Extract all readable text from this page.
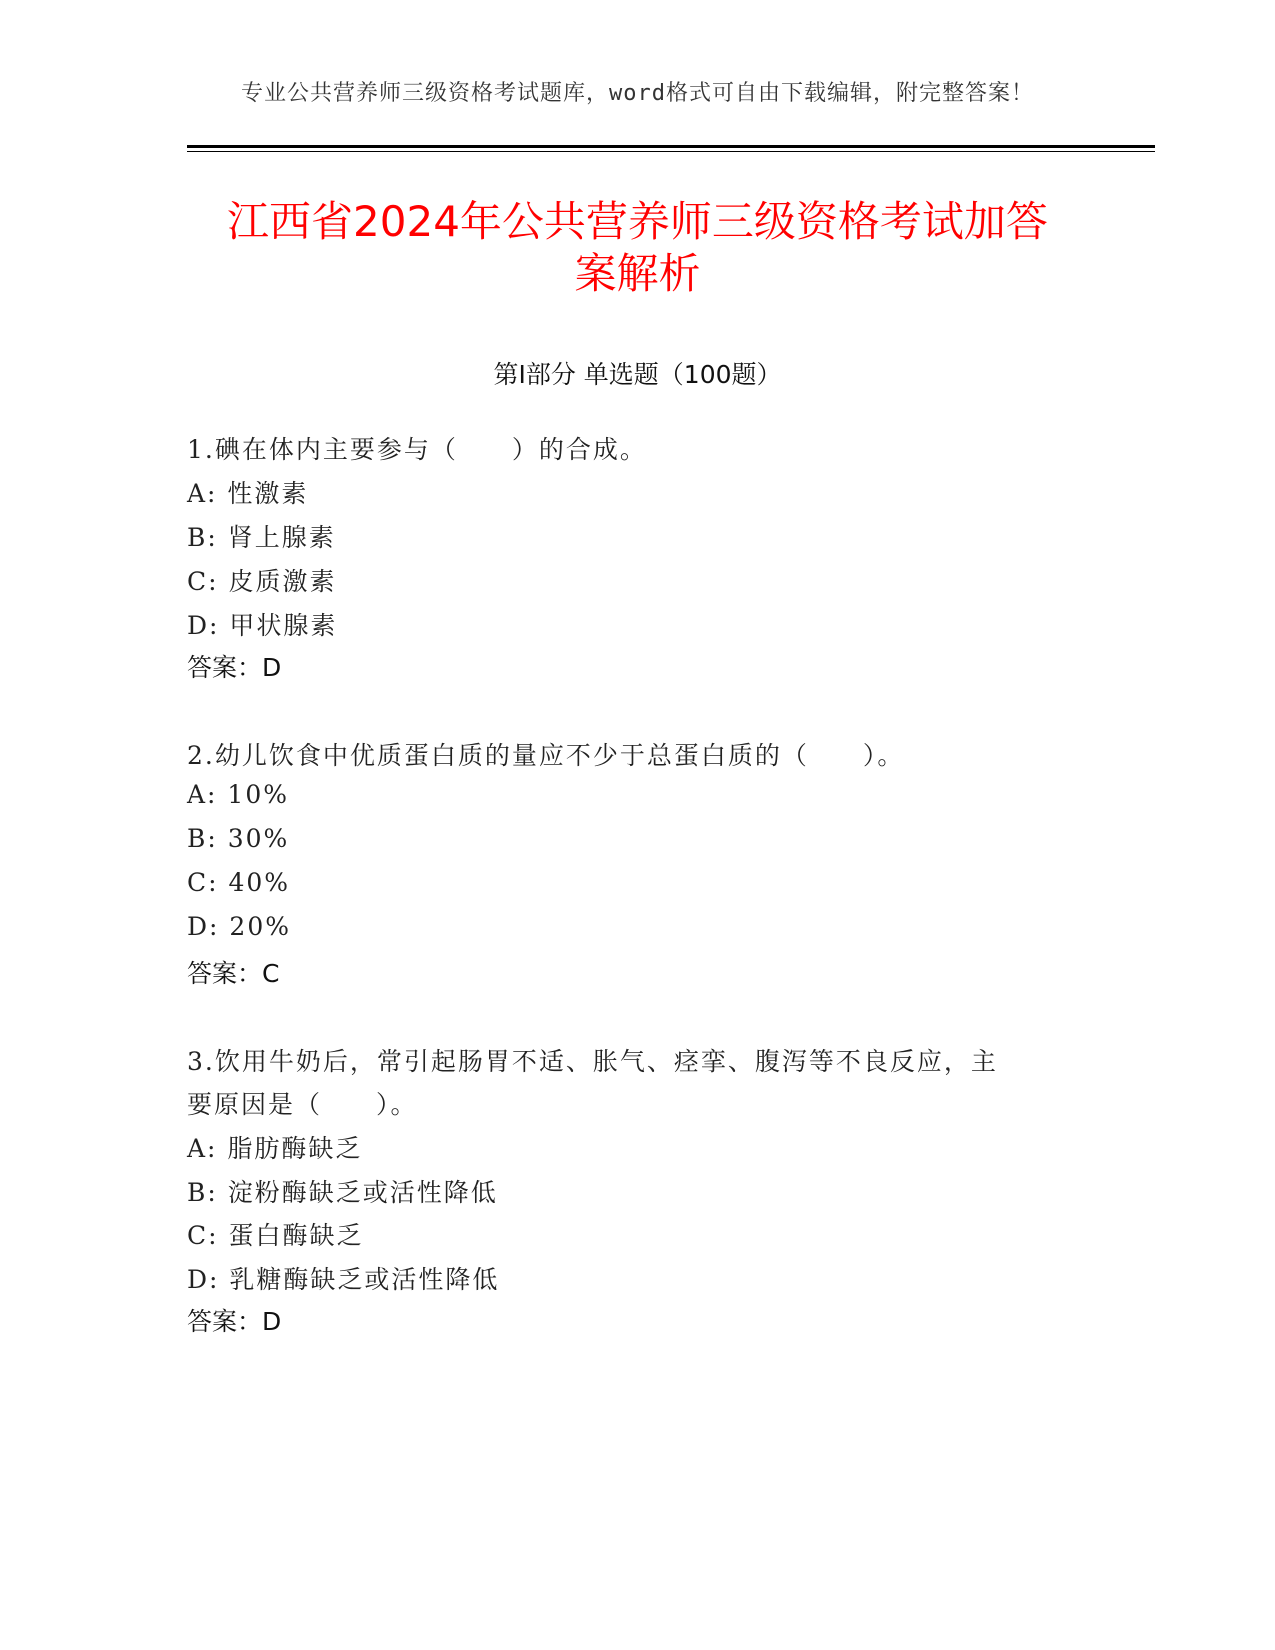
专业公共营养师三级资格考试题库，word格式可自由下载编辑，附完整答案！
江西省2024年公共营养师三级资格考试加答
案解析
第Ⅰ部分 单选题（100题）
1.碘在体内主要参与（　　）的合成。
A: 性激素
B: 肾上腺素
C: 皮质激素
D: 甲状腺素
答案：D
2.幼儿饮食中优质蛋白质的量应不少于总蛋白质的（　　）。
A: 10%
B: 30%
C: 40%
D: 20%
答案：C
3.饮用牛奶后，常引起肠胃不适、胀气、痉挛、腹泻等不良反应，主
要原因是（　　）。
A: 脂肪酶缺乏
B: 淀粉酶缺乏或活性降低
C: 蛋白酶缺乏
D: 乳糖酶缺乏或活性降低
答案：D
